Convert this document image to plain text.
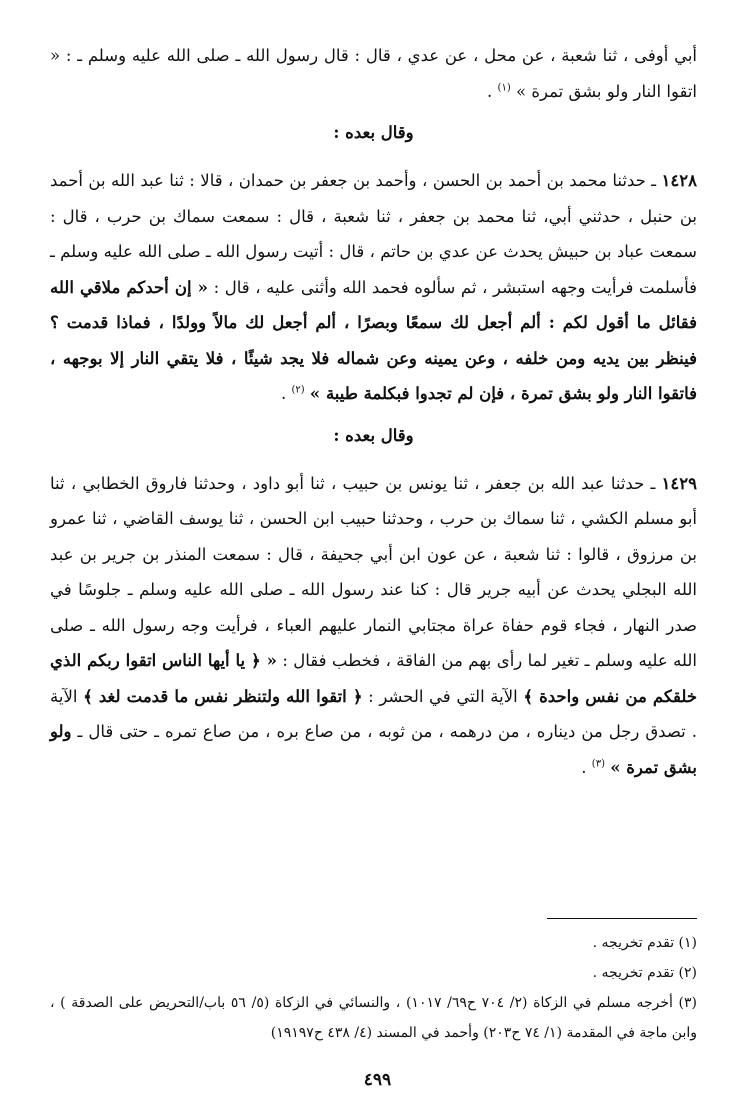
أبي أوفى ، ثنا شعبة ، عن محل ، عن عدي ، قال : قال رسول الله ـ صلى الله عليه وسلم ـ : « اتقوا النار ولو بشق تمرة » $^{(١)}$ .

وقال بعده :

١٤٢٨ ـ حدثنا محمد بن أحمد بن الحسن ، وأحمد بن جعفر بن حمدان ، قالا : ثنا عبد الله بن أحمد بن حنبل ، حدثني أبي، ثنا محمد بن جعفر ، ثنا شعبة ، قال : سمعت سماك بن حرب ، قال : سمعت عباد بن حبيش يحدث عن عدي بن حاتم ، قال : أتيت رسول الله ـ صلى الله عليه وسلم ـ فأسلمت فرأيت وجهه استبشر ، ثم سألوه فحمد الله وأثنى عليه ، قال : « إن أحدكم ملاقي الله فقائل ما أقول لكم : ألم أجعل لك سمعًا وبصرًا ، ألم أجعل لك مالاً وولدًا ، فماذا قدمت ؟ فينظر بين يديه ومن خلفه ، وعن يمينه وعن شماله فلا يجد شيئًا ، فلا يتقي النار إلا بوجهه ، فاتقوا النار ولو بشق تمرة ، فإن لم تجدوا فبكلمة طيبة » $^{(٢)}$ .

وقال بعده :

١٤٢٩ ـ حدثنا عبد الله بن جعفر ، ثنا يونس بن حبيب ، ثنا أبو داود ، وحدثنا فاروق الخطابي ، ثنا أبو مسلم الكشي ، ثنا سماك بن حرب ، وحدثنا حبيب ابن الحسن ، ثنا يوسف القاضي ، ثنا عمرو بن مرزوق ، قالوا : ثنا شعبة ، عن عون ابن أبي جحيفة ، قال : سمعت المنذر بن جرير بن عبد الله البجلي يحدث عن أبيه جرير قال : كنا عند رسول الله ـ صلى الله عليه وسلم ـ جلوسًا في صدر النهار ، فجاء قوم حفاة عراة مجتابي النمار عليهم العباء ، فرأيت وجه رسول الله ـ صلى الله عليه وسلم ـ تغير لما رأى بهم من الفاقة ، فخطب فقال : « ﴿ يا أيها الناس اتقوا ربكم الذي خلقكم من نفس واحدة ﴾ الآية التي في الحشر : ﴿ اتقوا الله ولتنظر نفس ما قدمت لغد ﴾ الآية . تصدق رجل من ديناره ، من درهمه ، من ثوبه ، من صاع بره ، من صاع تمره ـ حتى قال ـ ولو بشق تمرة » $^{(٣)}$ .

(١) تقدم تخريجه .

(٢) تقدم تخريجه .

(٣) أخرجه مسلم في الزكاة (٢/ ٧٠٤ ح٦٩/ ١٠١٧) ، والنسائي في الزكاة (٥/ ٥٦ باب/التحريض على الصدقة ) ، وابن ماجة في المقدمة (١/ ٧٤ ح٢٠٣) وأحمد في المسند (٤/ ٤٣٨ ح١٩١٩٧)

٤٩٩
